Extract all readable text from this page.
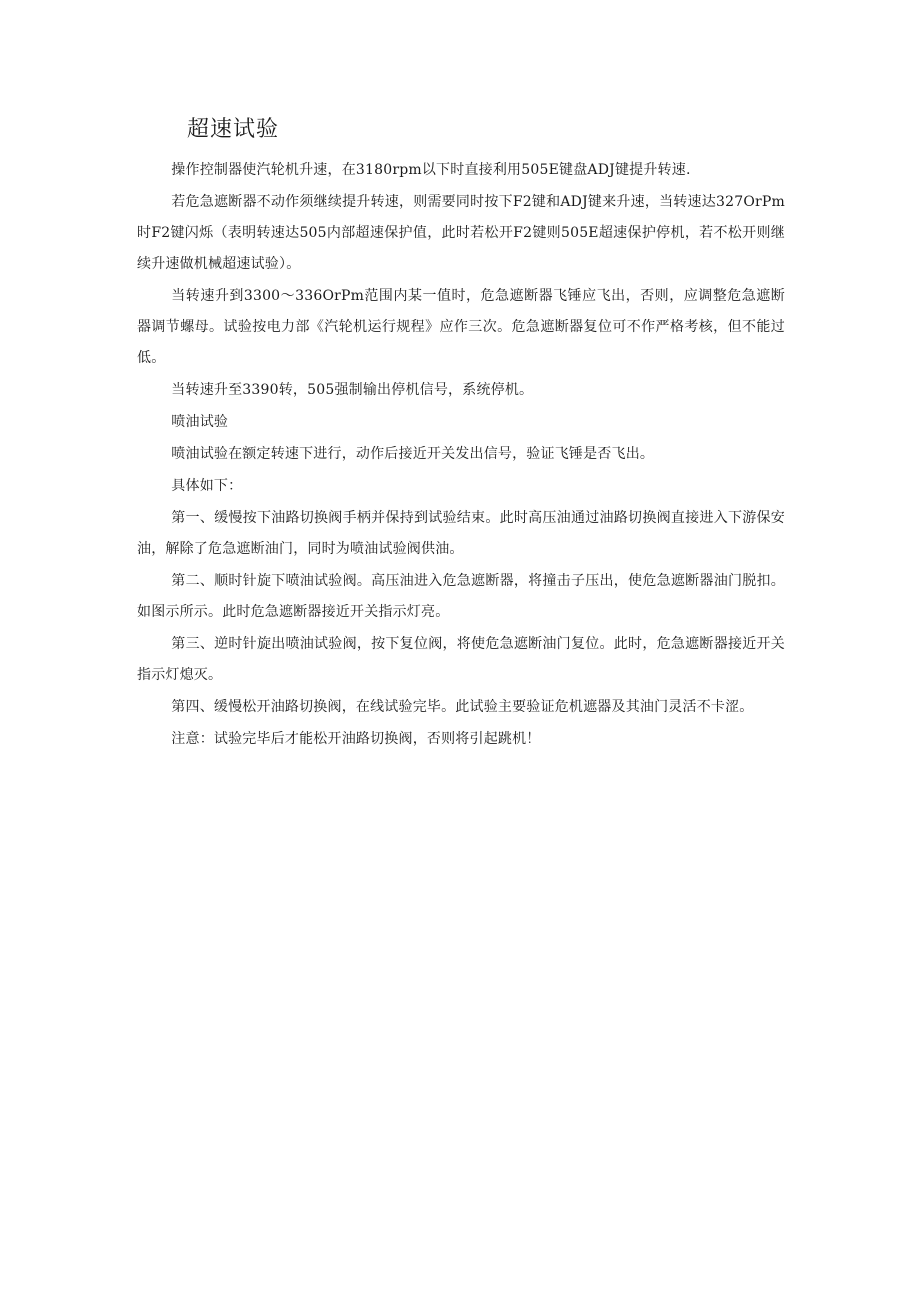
超速试验

操作控制器使汽轮机升速，在3180rpm以下时直接利用505E键盘ADJ键提升转速.

若危急遮断器不动作须继续提升转速，则需要同时按下F2键和ADJ键来升速，当转速达327OrPm时F2键闪烁（表明转速达505内部超速保护值，此时若松开F2键则505E超速保护停机，若不松开则继续升速做机械超速试验）。

当转速升到3300～336OrPm范围内某一值时，危急遮断器飞锤应飞出，否则，应调整危急遮断器调节螺母。试验按电力部《汽轮机运行规程》应作三次。危急遮断器复位可不作严格考核，但不能过低。

当转速升至3390转，505强制输出停机信号，系统停机。

喷油试验

喷油试验在额定转速下进行，动作后接近开关发出信号，验证飞锤是否飞出。

具体如下：

第一、缓慢按下油路切换阀手柄并保持到试验结束。此时高压油通过油路切换阀直接进入下游保安油，解除了危急遮断油门，同时为喷油试验阀供油。

第二、顺时针旋下喷油试验阀。高压油进入危急遮断器，将撞击子压出，使危急遮断器油门脱扣。如图示所示。此时危急遮断器接近开关指示灯亮。

第三、逆时针旋出喷油试验阀，按下复位阀，将使危急遮断油门复位。此时，危急遮断器接近开关指示灯熄灭。

第四、缓慢松开油路切换阀，在线试验完毕。此试验主要验证危机遮器及其油门灵活不卡涩。

注意：试验完毕后才能松开油路切换阀，否则将引起跳机！
